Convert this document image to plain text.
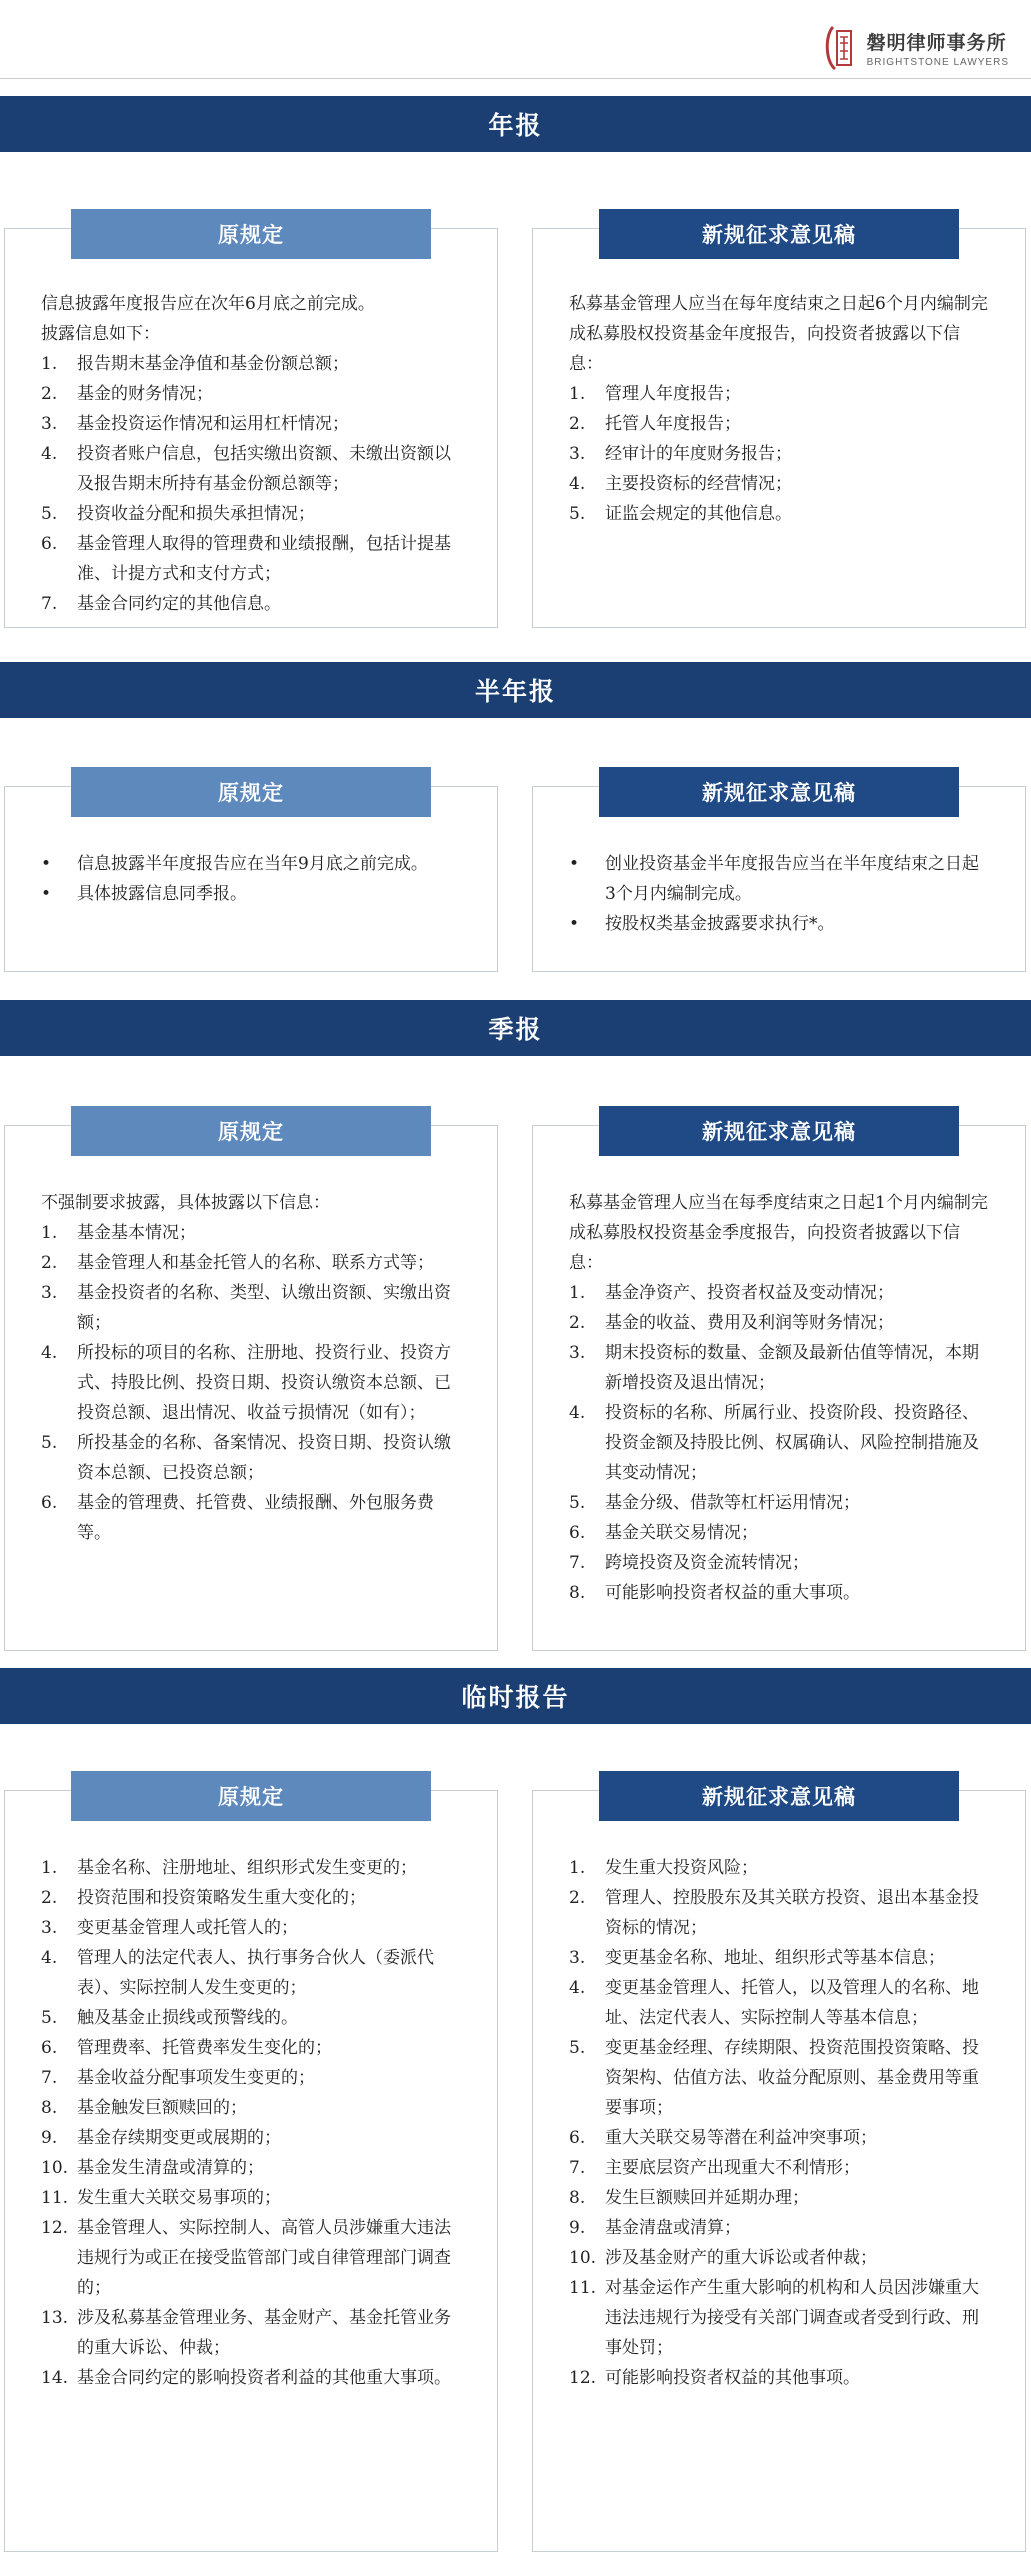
磐明律师事务所
BRIGHTSTONE LAWYERS
年报
原规定

信息披露年度报告应在次年6月底之前完成。

披露信息如下：

1. 报告期末基金净值和基金份额总额；
2. 基金的财务情况；
3. 基金投资运作情况和运用杠杆情况；
4. 投资者账户信息，包括实缴出资额、未缴出资额以及报告期末所持有基金份额总额等；
5. 投资收益分配和损失承担情况；
6. 基金管理人取得的管理费和业绩报酬，包括计提基准、计提方式和支付方式；
7. 基金合同约定的其他信息。
新规征求意见稿

私募基金管理人应当在每年度结束之日起6个月内编制完成私募股权投资基金年度报告，向投资者披露以下信息：

1. 管理人年度报告；
2. 托管人年度报告；
3. 经审计的年度财务报告；
4. 主要投资标的经营情况；
5. 证监会规定的其他信息。
半年报
原规定
• 信息披露半年度报告应在当年9月底之前完成。
• 具体披露信息同季报。
新规征求意见稿
• 创业投资基金半年度报告应当在半年度结束之日起3个月内编制完成。
• 按股权类基金披露要求执行*。
季报
原规定

不强制要求披露，具体披露以下信息：

1. 基金基本情况；
2. 基金管理人和基金托管人的名称、联系方式等；
3. 基金投资者的名称、类型、认缴出资额、实缴出资额；
4. 所投标的项目的名称、注册地、投资行业、投资方式、持股比例、投资日期、投资认缴资本总额、已投资总额、退出情况、收益亏损情况（如有）；
5. 所投基金的名称、备案情况、投资日期、投资认缴资本总额、已投资总额；
6. 基金的管理费、托管费、业绩报酬、外包服务费等。
新规征求意见稿

私募基金管理人应当在每季度结束之日起1个月内编制完成私募股权投资基金季度报告，向投资者披露以下信息：

1. 基金净资产、投资者权益及变动情况；
2. 基金的收益、费用及利润等财务情况；
3. 期末投资标的数量、金额及最新估值等情况，本期新增投资及退出情况；
4. 投资标的名称、所属行业、投资阶段、投资路径、投资金额及持股比例、权属确认、风险控制措施及其变动情况；
5. 基金分级、借款等杠杆运用情况；
6. 基金关联交易情况；
7. 跨境投资及资金流转情况；
8. 可能影响投资者权益的重大事项。
临时报告
原规定
1. 基金名称、注册地址、组织形式发生变更的；
2. 投资范围和投资策略发生重大变化的；
3. 变更基金管理人或托管人的；
4. 管理人的法定代表人、执行事务合伙人（委派代表）、实际控制人发生变更的；
5. 触及基金止损线或预警线的。
6. 管理费率、托管费率发生变化的；
7. 基金收益分配事项发生变更的；
8. 基金触发巨额赎回的；
9. 基金存续期变更或展期的；
10. 基金发生清盘或清算的；
11. 发生重大关联交易事项的；
12. 基金管理人、实际控制人、高管人员涉嫌重大违法违规行为或正在接受监管部门或自律管理部门调查的；
13. 涉及私募基金管理业务、基金财产、基金托管业务的重大诉讼、仲裁；
14. 基金合同约定的影响投资者利益的其他重大事项。
新规征求意见稿
1. 发生重大投资风险；
2. 管理人、控股股东及其关联方投资、退出本基金投资标的情况；
3. 变更基金名称、地址、组织形式等基本信息；
4. 变更基金管理人、托管人，以及管理人的名称、地址、法定代表人、实际控制人等基本信息；
5. 变更基金经理、存续期限、投资范围投资策略、投资架构、估值方法、收益分配原则、基金费用等重要事项；
6. 重大关联交易等潜在利益冲突事项；
7. 主要底层资产出现重大不利情形；
8. 发生巨额赎回并延期办理；
9. 基金清盘或清算；
10. 涉及基金财产的重大诉讼或者仲裁；
11. 对基金运作产生重大影响的机构和人员因涉嫌重大违法违规行为接受有关部门调查或者受到行政、刑事处罚；
12. 可能影响投资者权益的其他事项。
